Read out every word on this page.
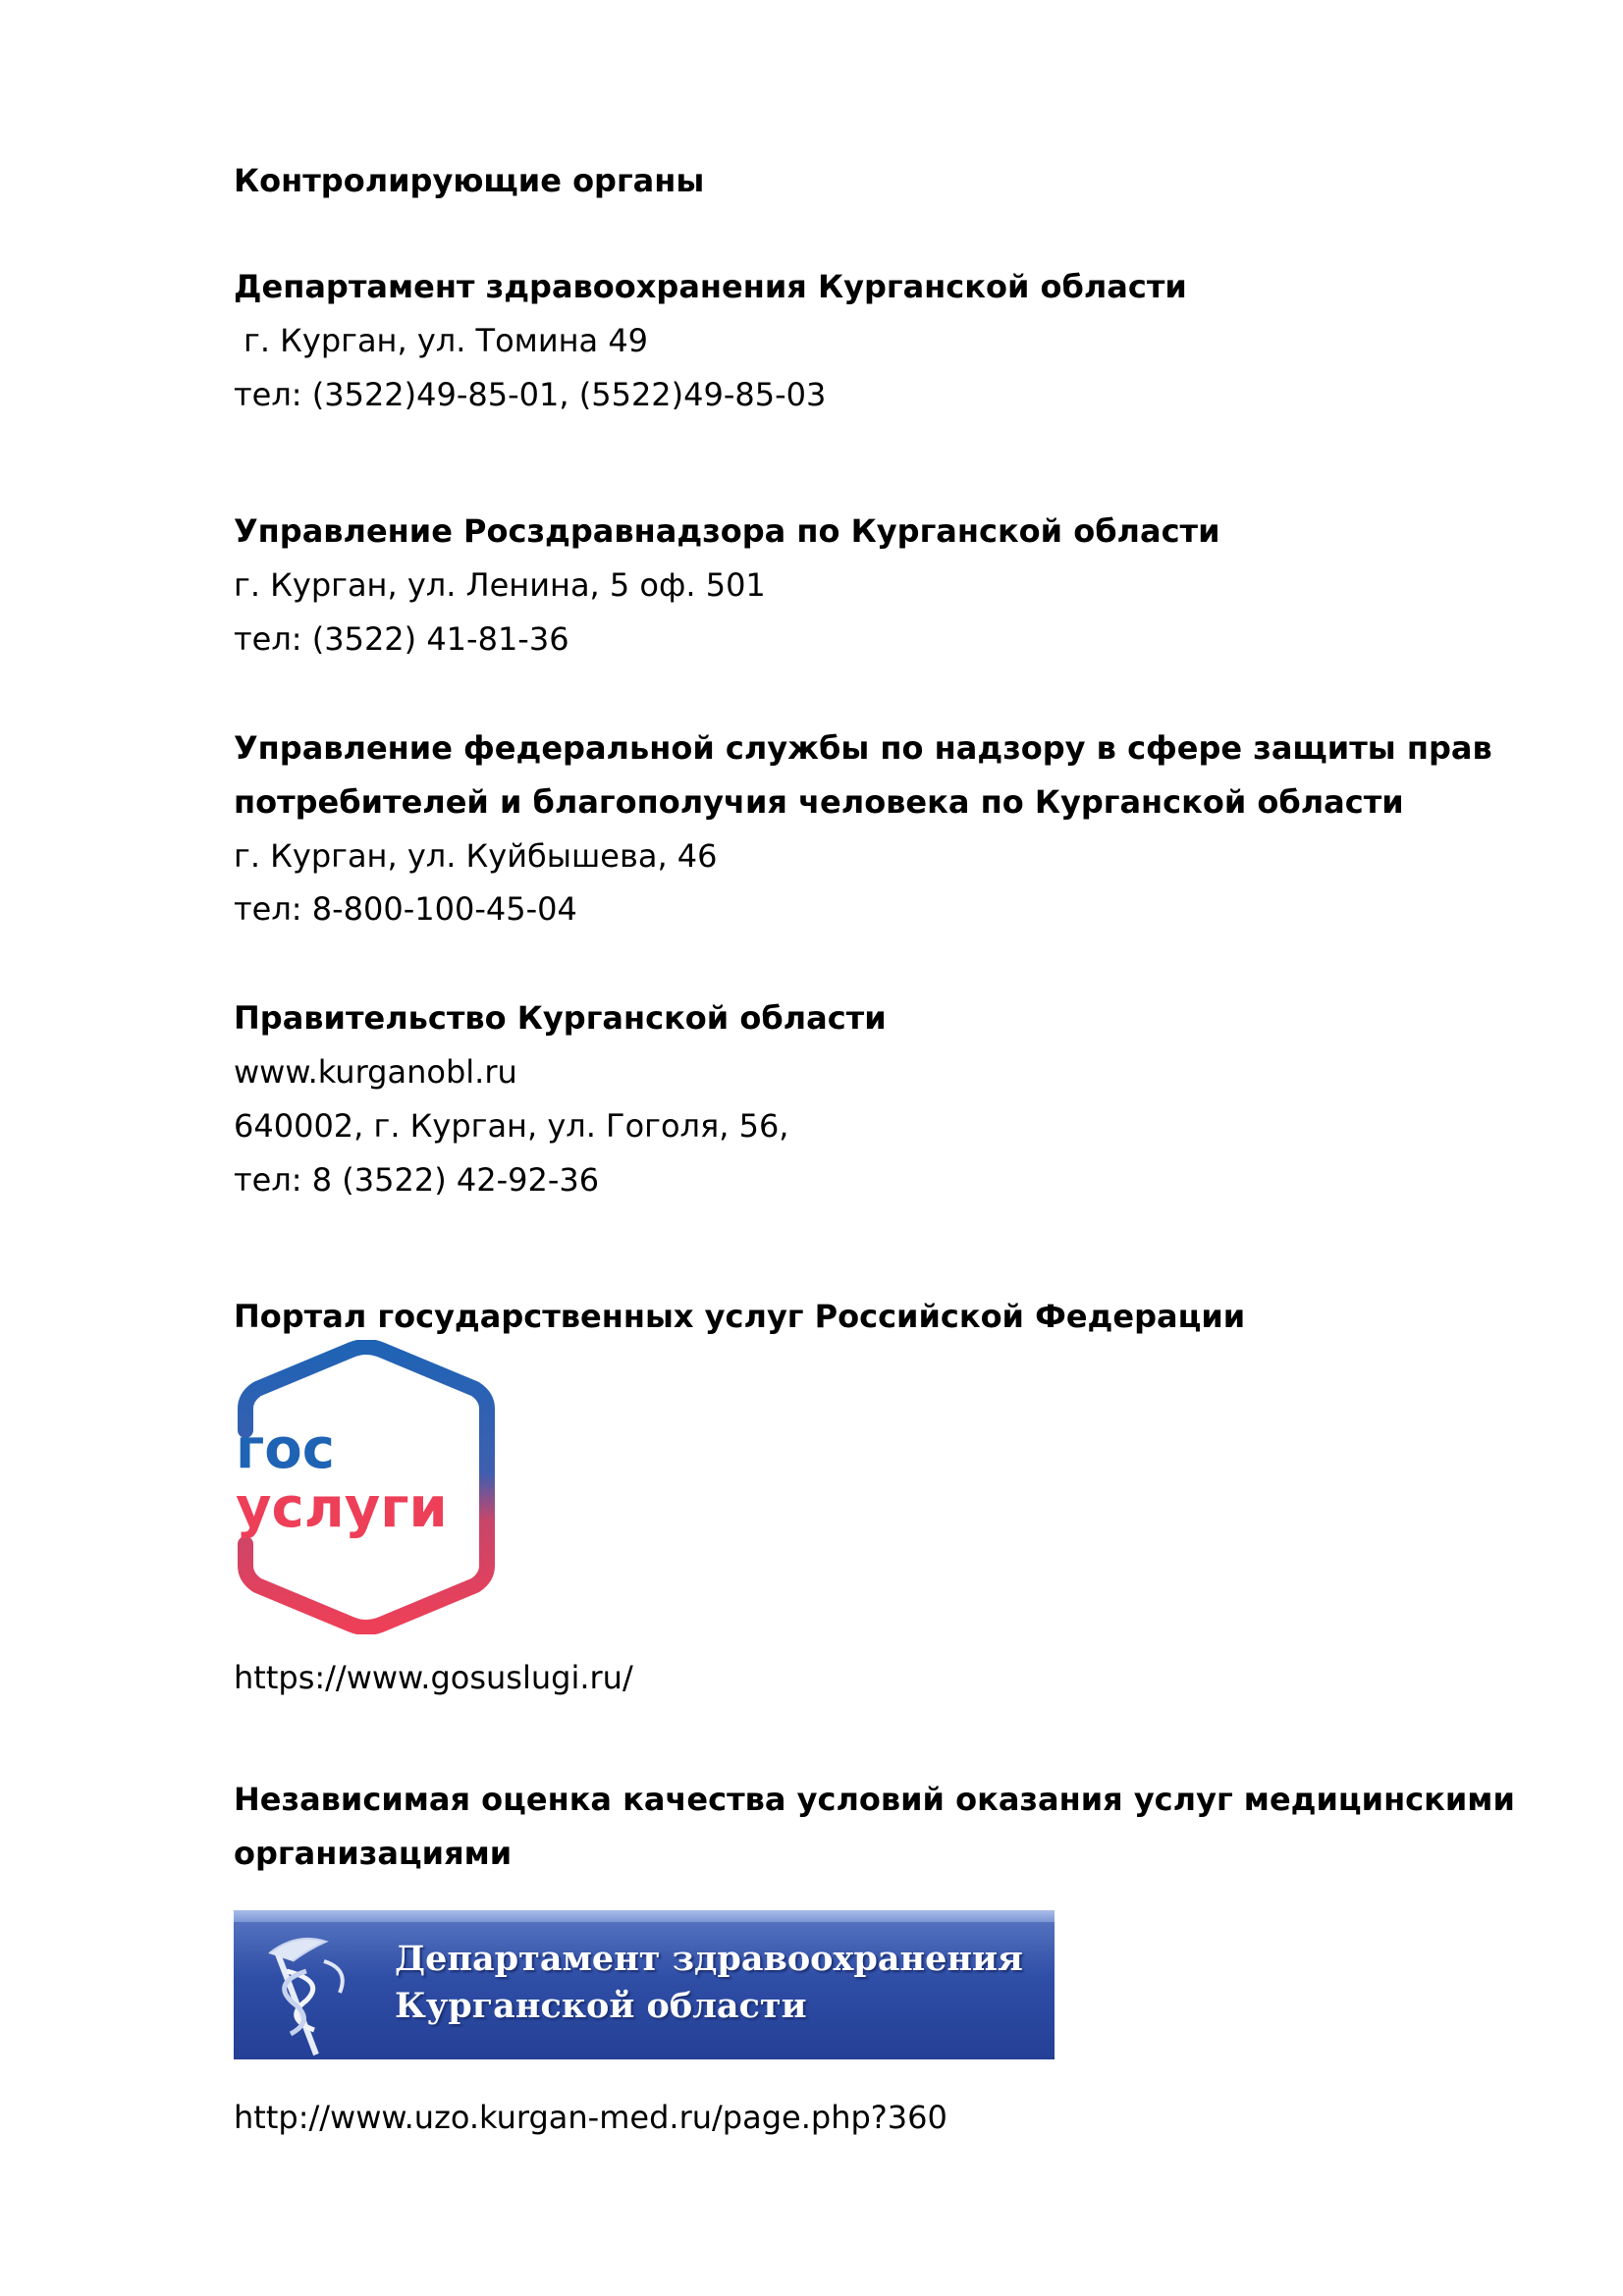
Контролирующие органы
Департамент здравоохранения Курганской области
г. Курган, ул. Томина 49
тел: (3522)49-85-01, (5522)49-85-03
Управление Росздравнадзора по Курганской области
г. Курган, ул. Ленина, 5 оф. 501
тел: (3522) 41-81-36
Управление федеральной службы по надзору в сфере защиты прав
потребителей и благополучия человека по Курганской области
г. Курган, ул. Куйбышева, 46
тел: 8-800-100-45-04
Правительство Курганской области
www.kurganobl.ru
640002, г. Курган, ул. Гоголя, 56,
тел: 8 (3522) 42-92-36
Портал государственных услуг Российской Федерации
гос
услуги
https://www.gosuslugi.ru/
Независимая оценка качества условий оказания услуг медицинскими
организациями
Департамент здравоохранения
Курганской области
http://www.uzo.kurgan-med.ru/page.php?360
